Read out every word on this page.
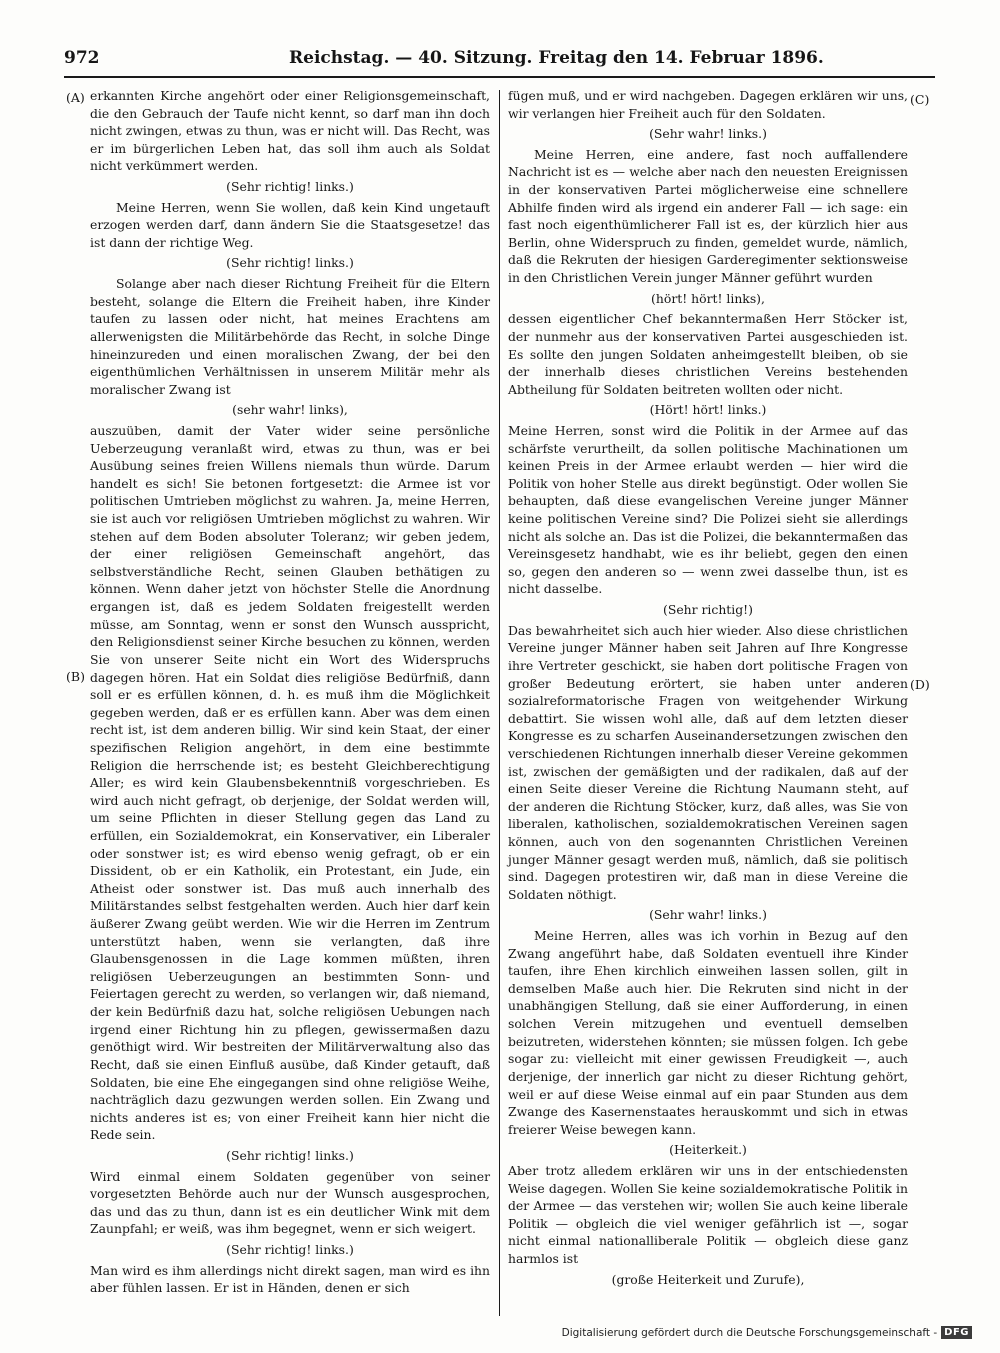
972	Reichstag. — 40. Sitzung. Freitag den 14. Februar 1896.
(A)
(B)
(C)
(D)

erkannten Kirche angehört oder einer Religionsgemeinschaft, die den Gebrauch der Taufe nicht kennt, so darf man ihn doch nicht zwingen, etwas zu thun, was er nicht will. Das Recht, was er im bürgerlichen Leben hat, das soll ihm auch als Soldat nicht verkümmert werden.

(Sehr richtig! links.)

Meine Herren, wenn Sie wollen, daß kein Kind ungetauft erzogen werden darf, dann ändern Sie die Staatsgesetze! das ist dann der richtige Weg.

(Sehr richtig! links.)

Solange aber nach dieser Richtung Freiheit für die Eltern besteht, solange die Eltern die Freiheit haben, ihre Kinder taufen zu lassen oder nicht, hat meines Erachtens am allerwenigsten die Militärbehörde das Recht, in solche Dinge hineinzureden und einen moralischen Zwang, der bei den eigenthümlichen Verhältnissen in unserem Militär mehr als moralischer Zwang ist

(sehr wahr! links),

auszuüben, damit der Vater wider seine persönliche Ueberzeugung veranlaßt wird, etwas zu thun, was er bei Ausübung seines freien Willens niemals thun würde. Darum handelt es sich! Sie betonen fortgesetzt: die Armee ist vor politischen Umtrieben möglichst zu wahren. Ja, meine Herren, sie ist auch vor religiösen Umtrieben möglichst zu wahren. Wir stehen auf dem Boden absoluter Toleranz; wir geben jedem, der einer religiösen Gemeinschaft angehört, das selbstverständliche Recht, seinen Glauben bethätigen zu können. Wenn daher jetzt von höchster Stelle die Anordnung ergangen ist, daß es jedem Soldaten freigestellt werden müsse, am Sonntag, wenn er sonst den Wunsch ausspricht, den Religionsdienst seiner Kirche besuchen zu können, werden Sie von unserer Seite nicht ein Wort des Widerspruchs dagegen hören. Hat ein Soldat dies religiöse Bedürfniß, dann soll er es erfüllen können, d. h. es muß ihm die Möglichkeit gegeben werden, daß er es erfüllen kann. Aber was dem einen recht ist, ist dem anderen billig. Wir sind kein Staat, der einer spezifischen Religion angehört, in dem eine bestimmte Religion die herrschende ist; es besteht Gleichberechtigung Aller; es wird kein Glaubensbekenntniß vorgeschrieben. Es wird auch nicht gefragt, ob derjenige, der Soldat werden will, um seine Pflichten in dieser Stellung gegen das Land zu erfüllen, ein Sozialdemokrat, ein Konservativer, ein Liberaler oder sonstwer ist; es wird ebenso wenig gefragt, ob er ein Dissident, ob er ein Katholik, ein Protestant, ein Jude, ein Atheist oder sonstwer ist. Das muß auch innerhalb des Militärstandes selbst festgehalten werden. Auch hier darf kein äußerer Zwang geübt werden. Wie wir die Herren im Zentrum unterstützt haben, wenn sie verlangten, daß ihre Glaubensgenossen in die Lage kommen müßten, ihren religiösen Ueberzeugungen an bestimmten Sonn- und Feiertagen gerecht zu werden, so verlangen wir, daß niemand, der kein Bedürfniß dazu hat, solche religiösen Uebungen nach irgend einer Richtung hin zu pflegen, gewissermaßen dazu genöthigt wird. Wir bestreiten der Militärverwaltung also das Recht, daß sie einen Einfluß ausübe, daß Kinder getauft, daß Soldaten, bie eine Ehe eingegangen sind ohne religiöse Weihe, nachträglich dazu gezwungen werden sollen. Ein Zwang und nichts anderes ist es; von einer Freiheit kann hier nicht die Rede sein.

(Sehr richtig! links.)

Wird einmal einem Soldaten gegenüber von seiner vorgesetzten Behörde auch nur der Wunsch ausgesprochen, das und das zu thun, dann ist es ein deutlicher Wink mit dem Zaunpfahl; er weiß, was ihm begegnet, wenn er sich weigert.

(Sehr richtig! links.)

Man wird es ihm allerdings nicht direkt sagen, man wird es ihn aber fühlen lassen. Er ist in Händen, denen er sich

fügen muß, und er wird nachgeben. Dagegen erklären wir uns, wir verlangen hier Freiheit auch für den Soldaten.

(Sehr wahr! links.)

Meine Herren, eine andere, fast noch auffallendere Nachricht ist es — welche aber nach den neuesten Ereignissen in der konservativen Partei möglicherweise eine schnellere Abhilfe finden wird als irgend ein anderer Fall — ich sage: ein fast noch eigenthümlicherer Fall ist es, der kürzlich hier aus Berlin, ohne Widerspruch zu finden, gemeldet wurde, nämlich, daß die Rekruten der hiesigen Garderegimenter sektionsweise in den Christlichen Verein junger Männer geführt wurden

(hört! hört! links),

dessen eigentlicher Chef bekanntermaßen Herr Stöcker ist, der nunmehr aus der konservativen Partei ausgeschieden ist. Es sollte den jungen Soldaten anheimgestellt bleiben, ob sie der innerhalb dieses christlichen Vereins bestehenden Abtheilung für Soldaten beitreten wollten oder nicht.

(Hört! hört! links.)

Meine Herren, sonst wird die Politik in der Armee auf das schärfste verurtheilt, da sollen politische Machinationen um keinen Preis in der Armee erlaubt werden — hier wird die Politik von hoher Stelle aus direkt begünstigt. Oder wollen Sie behaupten, daß diese evangelischen Vereine junger Männer keine politischen Vereine sind? Die Polizei sieht sie allerdings nicht als solche an. Das ist die Polizei, die bekanntermaßen das Vereinsgesetz handhabt, wie es ihr beliebt, gegen den einen so, gegen den anderen so — wenn zwei dasselbe thun, ist es nicht dasselbe.

(Sehr richtig!)

Das bewahrheitet sich auch hier wieder. Also diese christlichen Vereine junger Männer haben seit Jahren auf Ihre Kongresse ihre Vertreter geschickt, sie haben dort politische Fragen von großer Bedeutung erörtert, sie haben unter anderen sozialreformatorische Fragen von weitgehender Wirkung debattirt. Sie wissen wohl alle, daß auf dem letzten dieser Kongresse es zu scharfen Auseinandersetzungen zwischen den verschiedenen Richtungen innerhalb dieser Vereine gekommen ist, zwischen der gemäßigten und der radikalen, daß auf der einen Seite dieser Vereine die Richtung Naumann steht, auf der anderen die Richtung Stöcker, kurz, daß alles, was Sie von liberalen, katholischen, sozialdemokratischen Vereinen sagen können, auch von den sogenannten Christlichen Vereinen junger Männer gesagt werden muß, nämlich, daß sie politisch sind. Dagegen protestiren wir, daß man in diese Vereine die Soldaten nöthigt.

(Sehr wahr! links.)

Meine Herren, alles was ich vorhin in Bezug auf den Zwang angeführt habe, daß Soldaten eventuell ihre Kinder taufen, ihre Ehen kirchlich einweihen lassen sollen, gilt in demselben Maße auch hier. Die Rekruten sind nicht in der unabhängigen Stellung, daß sie einer Aufforderung, in einen solchen Verein mitzugehen und eventuell demselben beizutreten, widerstehen könnten; sie müssen folgen. Ich gebe sogar zu: vielleicht mit einer gewissen Freudigkeit —, auch derjenige, der innerlich gar nicht zu dieser Richtung gehört, weil er auf diese Weise einmal auf ein paar Stunden aus dem Zwange des Kasernenstaates herauskommt und sich in etwas freierer Weise bewegen kann.

(Heiterkeit.)

Aber trotz alledem erklären wir uns in der entschiedensten Weise dagegen. Wollen Sie keine sozialdemokratische Politik in der Armee — das verstehen wir; wollen Sie auch keine liberale Politik — obgleich die viel weniger gefährlich ist —, sogar nicht einmal nationalliberale Politik — obgleich diese ganz harmlos ist

(große Heiterkeit und Zurufe),

Digitalisierung gefördert durch die Deutsche Forschungsgemeinschaft - DFG
